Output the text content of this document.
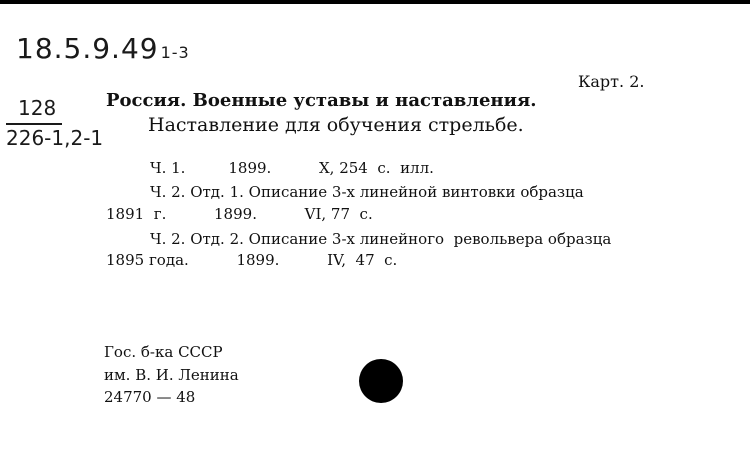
18.5.9.49 1-3
Карт. 2.
128
226-1,2-1
Россия. Военные уставы и наставления.
Наставление для обучения стрельбе.
Ч. 1.         1899.          X, 254  с.  илл.
Ч. 2. Отд. 1. Описание 3-х линейной винтовки образца
1891  г.          1899.          VI, 77  с.
Ч. 2. Отд. 2. Описание 3-х линейного  револьвера образца
1895 года.          1899.          IV,  47  с.
Гос. б-ка СССР
им. В. И. Ленина
24770 — 48
